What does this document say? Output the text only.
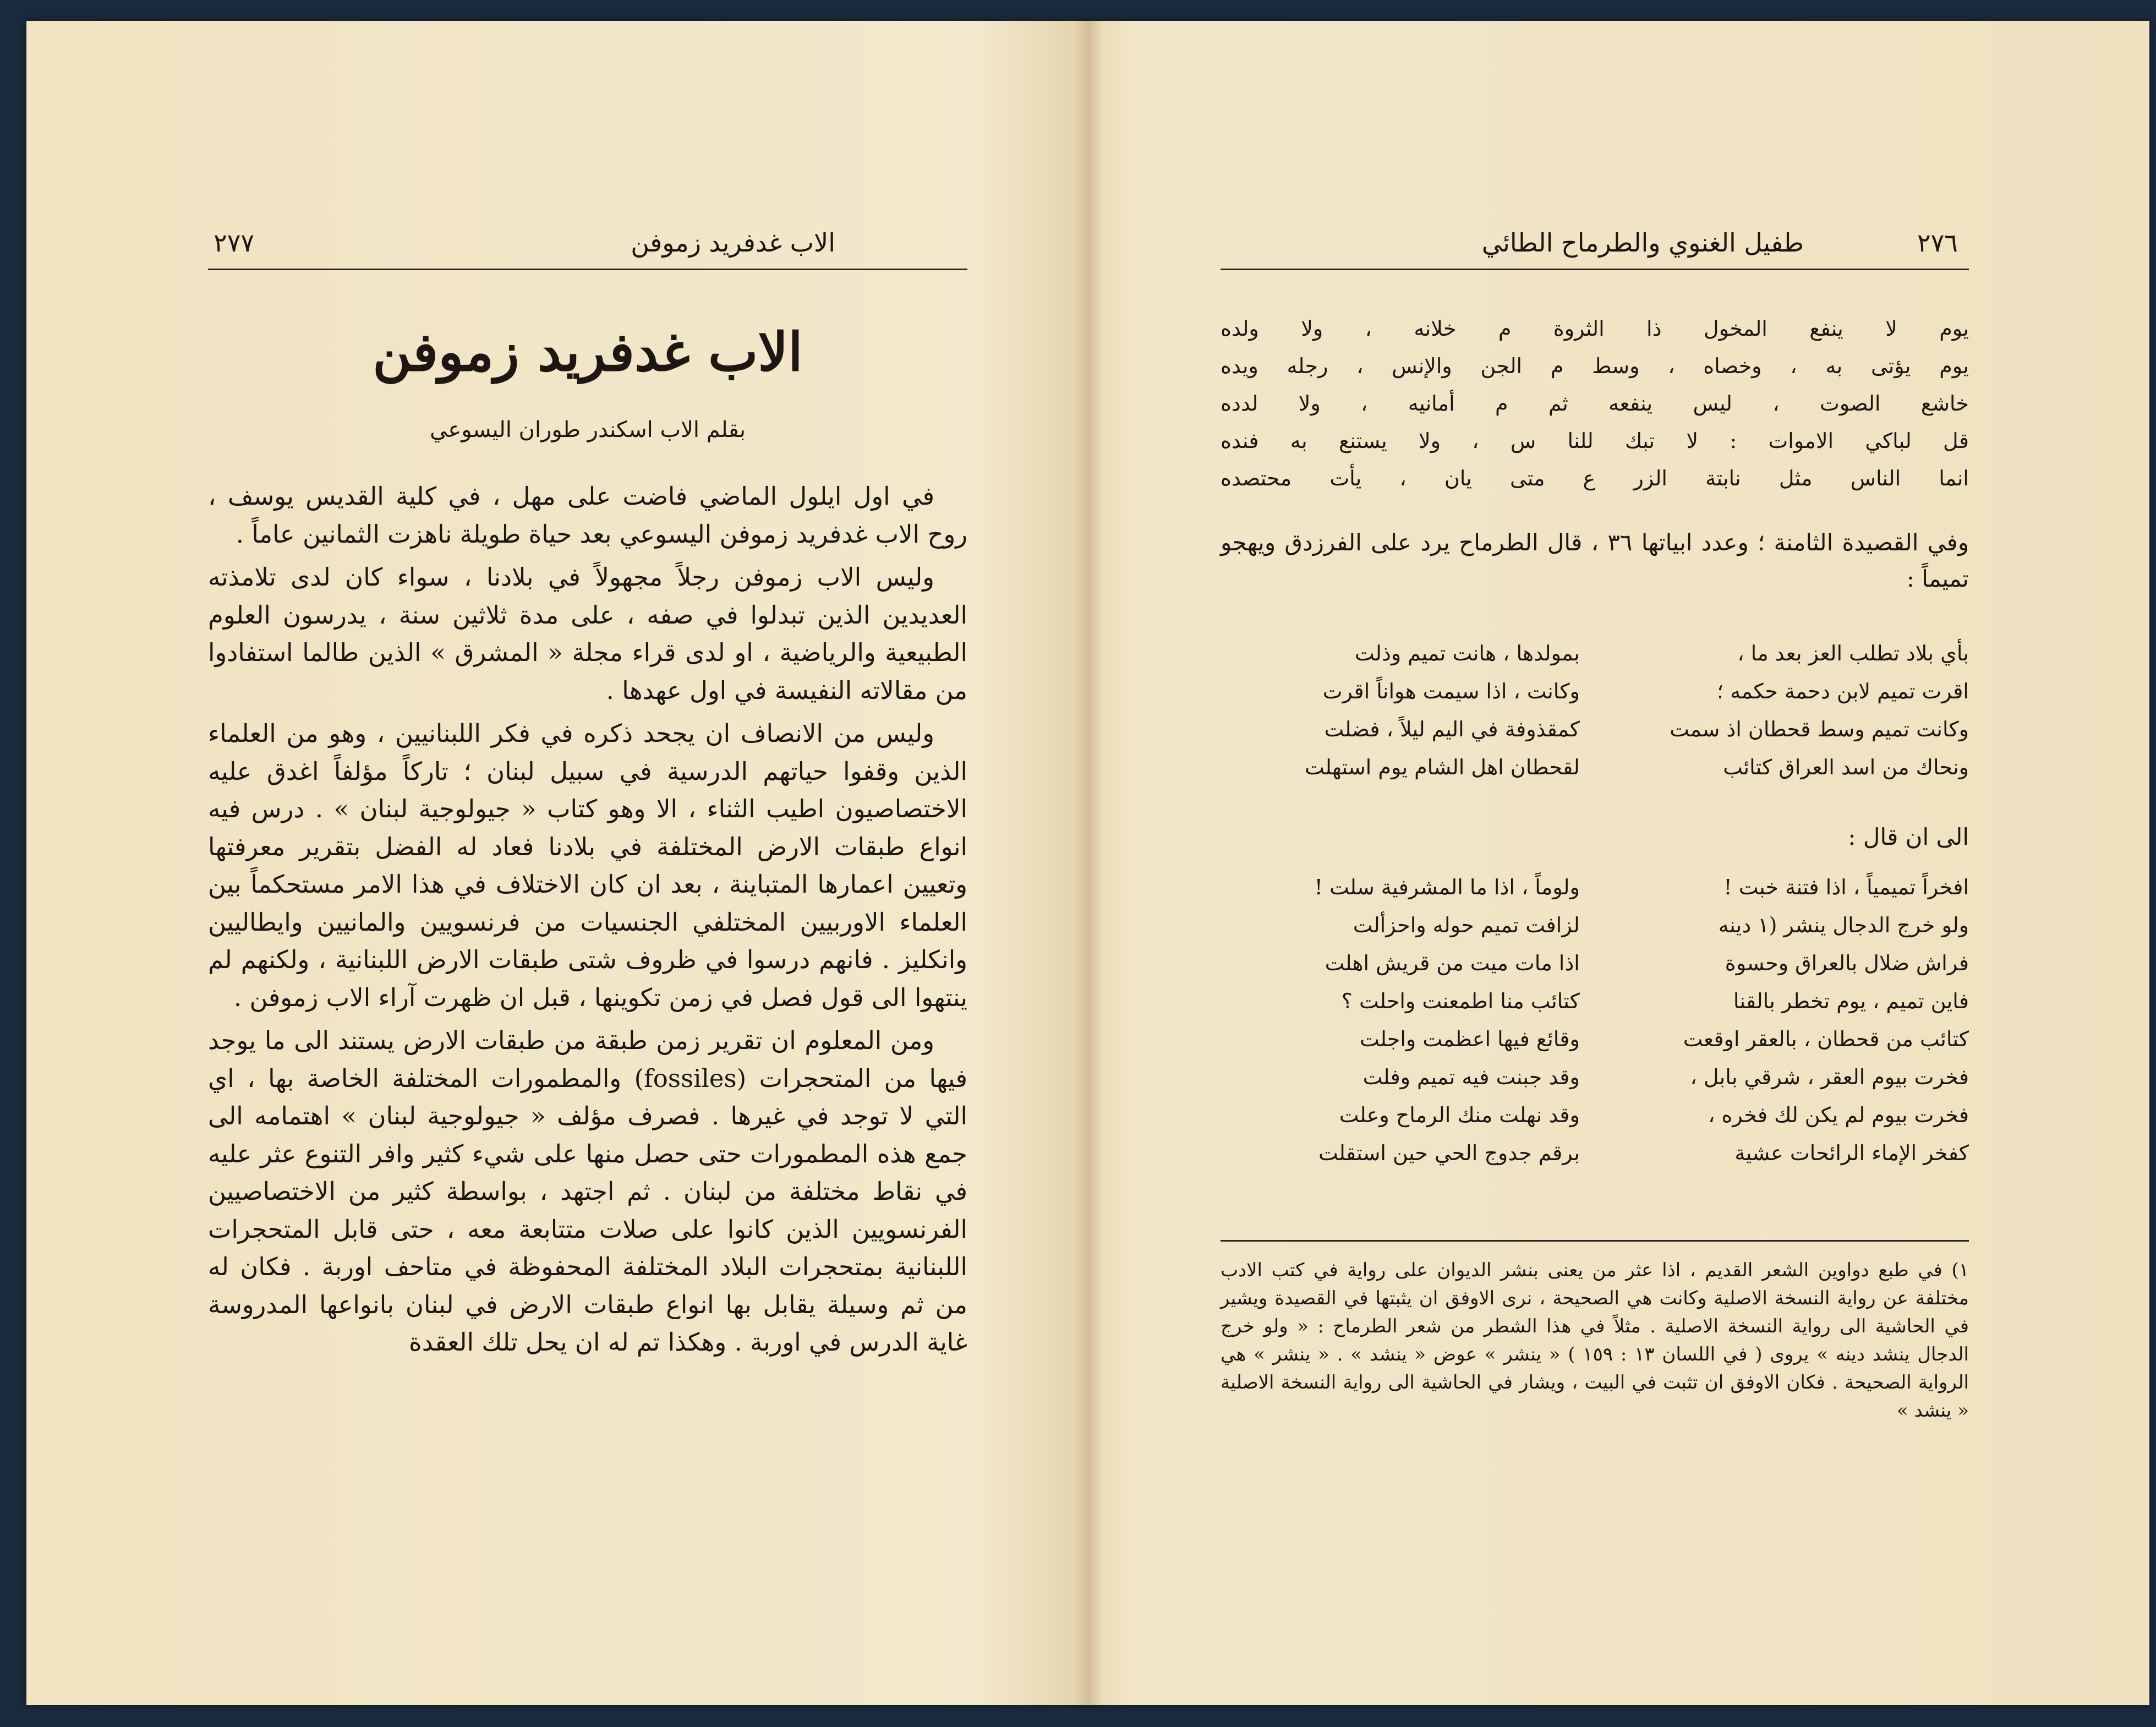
الاب غدفريد زموفن
٢٧٧
الاب غدفريد زموفن
بقلم الاب اسكندر طوران اليسوعي

في اول ايلول الماضي فاضت على مهل ، في كلية القديس يوسف ، روح الاب غدفريد زموفن اليسوعي بعد حياة طويلة ناهزت الثمانين عاماً .

وليس الاب زموفن رجلاً مجهولاً في بلادنا ، سواء كان لدى تلامذته العديدين الذين تبدلوا في صفه ، على مدة ثلاثين سنة ، يدرسون العلوم الطبيعية والرياضية ، او لدى قراء مجلة « المشرق » الذين طالما استفادوا من مقالاته النفيسة في اول عهدها .

وليس من الانصاف ان يجحد ذكره في فكر اللبنانيين ، وهو من العلماء الذين وقفوا حياتهم الدرسية في سبيل لبنان ؛ تاركاً مؤلفاً اغدق عليه الاختصاصيون اطيب الثناء ، الا وهو كتاب « جيولوجية لبنان » . درس فيه انواع طبقات الارض المختلفة في بلادنا فعاد له الفضل بتقرير معرفتها وتعيين اعمارها المتباينة ، بعد ان كان الاختلاف في هذا الامر مستحكماً بين العلماء الاوربيين المختلفي الجنسيات من فرنسويين والمانيين وايطاليين وانكليز . فانهم درسوا في ظروف شتى طبقات الارض اللبنانية ، ولكنهم لم ينتهوا الى قول فصل في زمن تكوينها ، قبل ان ظهرت آراء الاب زموفن .

ومن المعلوم ان تقرير زمن طبقة من طبقات الارض يستند الى ما يوجد فيها من المتحجرات (fossiles) والمطمورات المختلفة الخاصة بها ، اي التي لا توجد في غيرها . فصرف مؤلف « جيولوجية لبنان » اهتمامه الى جمع هذه المطمورات حتى حصل منها على شيء كثير وافر التنوع عثر عليه في نقاط مختلفة من لبنان . ثم اجتهد ، بواسطة كثير من الاختصاصيين الفرنسويين الذين كانوا على صلات متتابعة معه ، حتى قابل المتحجرات اللبنانية بمتحجرات البلاد المختلفة المحفوظة في متاحف اوربة . فكان له من ثم وسيلة يقابل بها انواع طبقات الارض في لبنان بانواعها المدروسة غاية الدرس في اوربة . وهكذا تم له ان يحل تلك العقدة

طفيل الغنوي والطرماح الطائي	٢٧٦
يوم لا ينفع المخول ذا الثروة م خلانه ، ولا ولده
يوم يؤتى به ، وخصاه ، وسط م الجن والإنس ، رجله ويده
خاشع الصوت ، ليس ينفعه ثم م أمانيه ، ولا لدده
قل لباكي الاموات : لا تبك للنا س ، ولا يستنع به فنده
انما الناس مثل نابتة الزر ع متى يان ، يأت محتصده
وفي القصيدة الثامنة ؛ وعدد ابياتها ٣٦ ، قال الطرماح يرد على الفرزدق ويهجو تميماً :
بأي بلاد تطلب العز بعد ما ،
بمولدها ، هانت تميم وذلت
اقرت تميم لابن دحمة حكمه ؛
وكانت ، اذا سيمت هواناً اقرت
وكانت تميم وسط قحطان اذ سمت
كمقذوفة في اليم ليلاً ، فضلت
ونحاك من اسد العراق كتائب
لقحطان اهل الشام يوم استهلت
الى ان قال :
افخراً تميمياً ، اذا فتنة خبت !
ولوماً ، اذا ما المشرفية سلت !
ولو خرج الدجال ينشر (١ دينه
لزافت تميم حوله واحزألت
فراش ضلال بالعراق وحسوة
اذا مات ميت من قريش اهلت
فاين تميم ، يوم تخطر بالقنا
كتائب منا اطمعنت واحلت ؟
كتائب من قحطان ، بالعقر اوقعت
وقائع فيها اعظمت واجلت
فخرت بيوم العقر ، شرقي بابل ،
وقد جبنت فيه تميم وفلت
فخرت بيوم لم يكن لك فخره ،
وقد نهلت منك الرماح وعلت
كفخر الإماء الرائحات عشية
برقم جدوج الحي حين استقلت
١) في طبع دواوين الشعر القديم ، اذا عثر من يعنى بنشر الديوان على رواية في كتب الادب مختلفة عن رواية النسخة الاصلية وكانت هي الصحيحة ، نرى الاوفق ان يثبتها في القصيدة ويشير في الحاشية الى رواية النسخة الاصلية . مثلاً في هذا الشطر من شعر الطرماح : « ولو خرج الدجال ينشد دينه » يروى ( في اللسان ١٣ : ١٥٩ ) « ينشر » عوض « ينشد » . « ينشر » هي الرواية الصحيحة . فكان الاوفق ان تثبت في البيت ، ويشار في الحاشية الى رواية النسخة الاصلية « ينشد »
